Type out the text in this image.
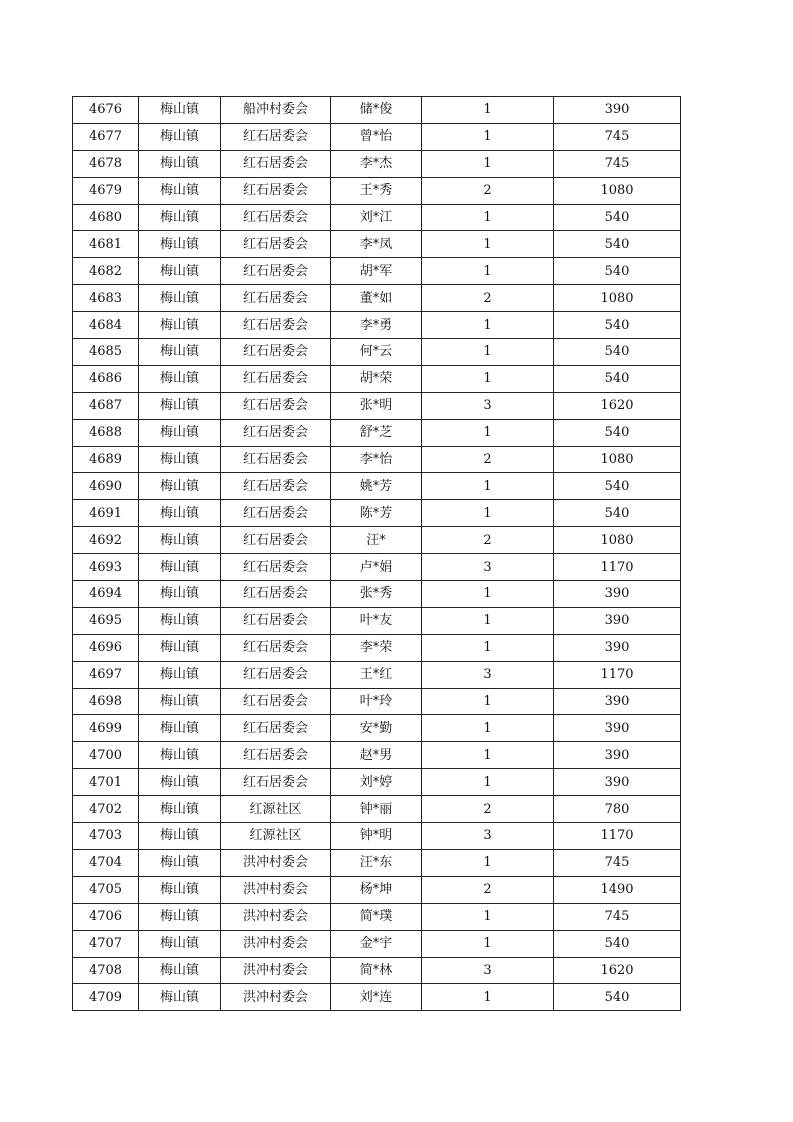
4676	梅山镇	船冲村委会	储*俊	1	390
4677	梅山镇	红石居委会	曾*怡	1	745
4678	梅山镇	红石居委会	李*杰	1	745
4679	梅山镇	红石居委会	王*秀	2	1080
4680	梅山镇	红石居委会	刘*江	1	540
4681	梅山镇	红石居委会	李*凤	1	540
4682	梅山镇	红石居委会	胡*军	1	540
4683	梅山镇	红石居委会	董*如	2	1080
4684	梅山镇	红石居委会	李*勇	1	540
4685	梅山镇	红石居委会	何*云	1	540
4686	梅山镇	红石居委会	胡*荣	1	540
4687	梅山镇	红石居委会	张*明	3	1620
4688	梅山镇	红石居委会	舒*芝	1	540
4689	梅山镇	红石居委会	李*怡	2	1080
4690	梅山镇	红石居委会	姚*芳	1	540
4691	梅山镇	红石居委会	陈*芳	1	540
4692	梅山镇	红石居委会	汪*	2	1080
4693	梅山镇	红石居委会	卢*娟	3	1170
4694	梅山镇	红石居委会	张*秀	1	390
4695	梅山镇	红石居委会	叶*友	1	390
4696	梅山镇	红石居委会	李*荣	1	390
4697	梅山镇	红石居委会	王*红	3	1170
4698	梅山镇	红石居委会	叶*玲	1	390
4699	梅山镇	红石居委会	安*勤	1	390
4700	梅山镇	红石居委会	赵*男	1	390
4701	梅山镇	红石居委会	刘*婷	1	390
4702	梅山镇	红源社区	钟*丽	2	780
4703	梅山镇	红源社区	钟*明	3	1170
4704	梅山镇	洪冲村委会	汪*东	1	745
4705	梅山镇	洪冲村委会	杨*坤	2	1490
4706	梅山镇	洪冲村委会	简*璞	1	745
4707	梅山镇	洪冲村委会	金*宇	1	540
4708	梅山镇	洪冲村委会	简*林	3	1620
4709	梅山镇	洪冲村委会	刘*连	1	540
